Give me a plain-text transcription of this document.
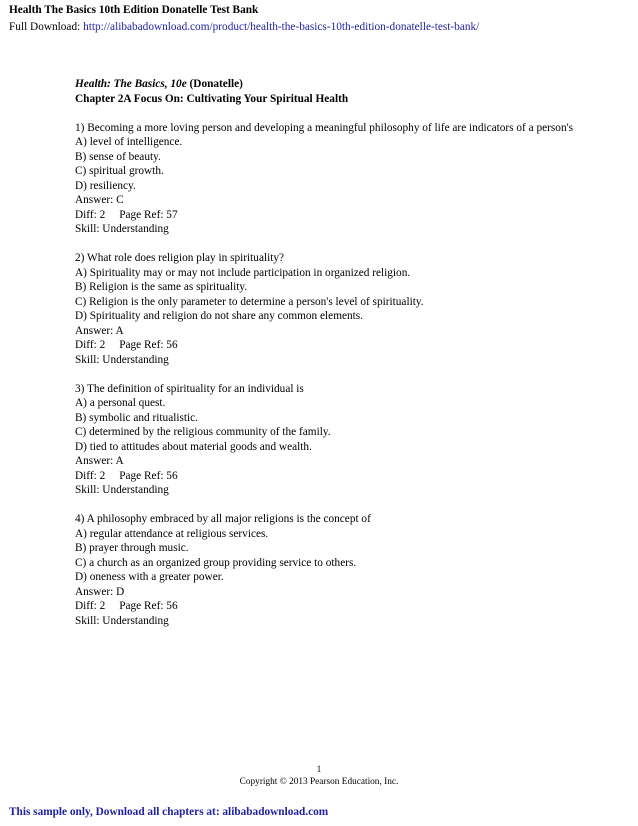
Health The Basics 10th Edition Donatelle Test Bank
Full Download: http://alibabadownload.com/product/health-the-basics-10th-edition-donatelle-test-bank/
Health: The Basics, 10e (Donatelle)
Chapter 2A Focus On: Cultivating Your Spiritual Health
1) Becoming a more loving person and developing a meaningful philosophy of life are indicators of a person's
A) level of intelligence.
B) sense of beauty.
C) spiritual growth.
D) resiliency.
Answer: C
Diff: 2 Page Ref: 57
Skill: Understanding
2) What role does religion play in spirituality?
A) Spirituality may or may not include participation in organized religion.
B) Religion is the same as spirituality.
C) Religion is the only parameter to determine a person's level of spirituality.
D) Spirituality and religion do not share any common elements.
Answer: A
Diff: 2 Page Ref: 56
Skill: Understanding
3) The definition of spirituality for an individual is
A) a personal quest.
B) symbolic and ritualistic.
C) determined by the religious community of the family.
D) tied to attitudes about material goods and wealth.
Answer: A
Diff: 2 Page Ref: 56
Skill: Understanding
4) A philosophy embraced by all major religions is the concept of
A) regular attendance at religious services.
B) prayer through music.
C) a church as an organized group providing service to others.
D) oneness with a greater power.
Answer: D
Diff: 2 Page Ref: 56
Skill: Understanding
1
Copyright © 2013 Pearson Education, Inc.
This sample only, Download all chapters at: alibabadownload.com
